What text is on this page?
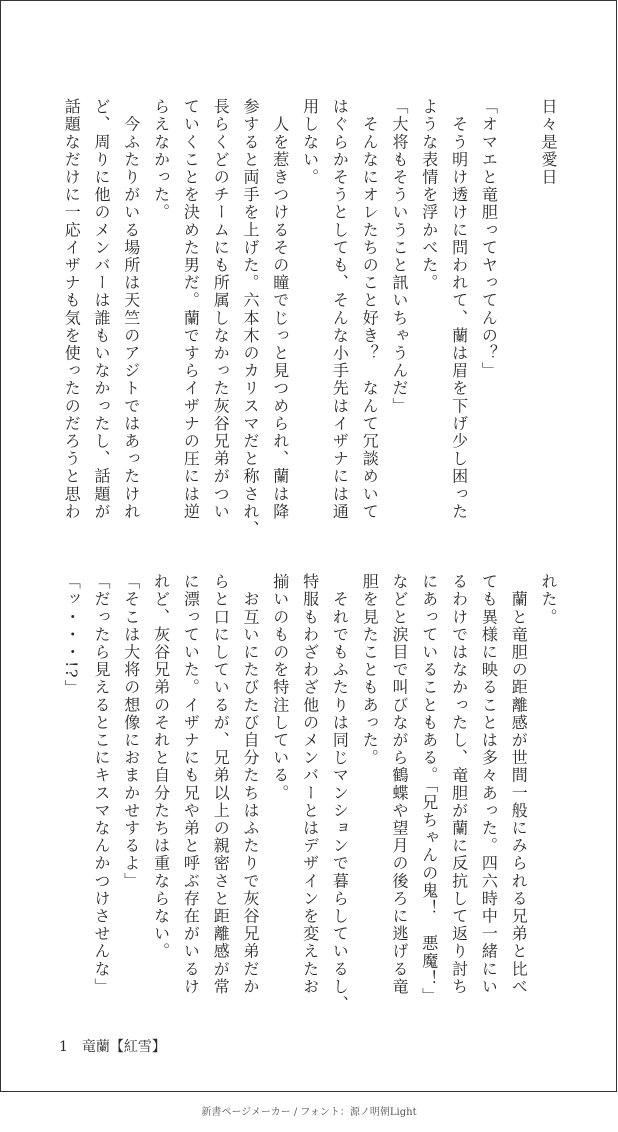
日々是愛日
「オマエと竜胆ってヤってんの？」
　そう明け透けに問われて、蘭は眉を下げ少し困った
ような表情を浮かべた。
「大将もそういうこと訊いちゃうんだ」
　そんなにオレたちのこと好き？　なんて冗談めいて
はぐらかそうとしても、そんな小手先はイザナには通
用しない。
　人を惹きつけるその瞳でじっと見つめられ、蘭は降
参すると両手を上げた。六本木のカリスマだと称され、
長らくどのチームにも所属しなかった灰谷兄弟がつい
ていくことを決めた男だ。蘭ですらイザナの圧には逆
らえなかった。
　今ふたりがいる場所は天竺のアジトではあったけれ
ど、周りに他のメンバーは誰もいなかったし、話題が
話題なだけに一応イザナも気を使ったのだろうと思わ
れた。
　蘭と竜胆の距離感が世間一般にみられる兄弟と比べ
ても異様に映ることは多々あった。四六時中一緒にい
るわけではなかったし、竜胆が蘭に反抗して返り討ち
にあっていることもある。「兄ちゃんの鬼！　悪魔！」
などと涙目で叫びながら鶴蝶や望月の後ろに逃げる竜
胆を見たこともあった。
　それでもふたりは同じマンションで暮らしているし、
特服もわざわざ他のメンバーとはデザインを変えたお
揃いのものを特注している。
　お互いにたびたび自分たちはふたりで灰谷兄弟だか
らと口にしているが、兄弟以上の親密さと距離感が常
に漂っていた。イザナにも兄や弟と呼ぶ存在がいるけ
れど、灰谷兄弟のそれと自分たちは重ならない。
「そこは大将の想像におまかせするよ」
「だったら見えるとこにキスマなんかつけさせんな」
「ッ・・・!?」
1　竜蘭【紅雪】
新書ページメーカー / フォント：源ノ明朝Light
